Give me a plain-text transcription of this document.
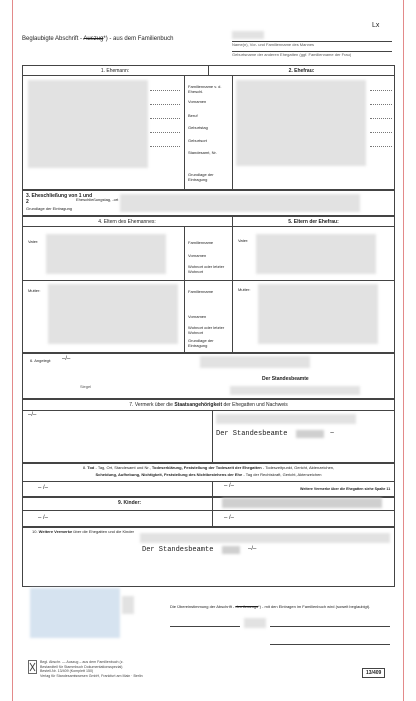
Lx
Beglaubigte Abschrift - Auszug*) - aus dem Familienbuch
Name(n), Vor- und Familienname des Mannes
Geburtsname der anderen Ehegatten (ggf. Familienname der Frau)
1. Ehemann:	2. Ehefrau:
Familienname v. d. Eheschl.
Vornamen
Beruf
Geburtstag
Geburtsort
Standesamt, Nr.
Grundlage der Eintragung
3. Eheschließung von 1 und 2
Grundlage der Eintragung
Eheschließungstag, -ort
4. Eltern des Ehemannes:	5. Eltern der Ehefrau:
Vater:	Vater:
Familienname
Vornamen
Wohnort oder letzter Wohnort
Mutter:	Mutter:
Familienname
Vornamen
Wohnort oder letzter Wohnort
Grundlage der Eintragung
6. Angelegt: –/–
Siegel
Der Standesbeamte
7. Vermerk über die Staatsangehörigkeit der Ehegatten und Nachweis
–/–
Der Standesbeamte	~
8. Tod - Tag, Ort, Standesamt und Nr., Todeserklärung, Feststellung der Todeszeit der Ehegatten - Todeszeitpunkt, Gericht, Aktenzeichen,
Scheidung, Aufhebung, Nichtigkeit, Feststellung des Nichtbestehens der Ehe - Tag der Rechtskraft, Gericht, Aktenzeichen
– /–	– /–	Weitere Vermerke über die Ehegatten siehe Spalte 11
9. Kinder:
– /–	– /–
10. Weitere Vermerke über die Ehegatten und die Kinder
Der Standesbeamte	–/–
Die Übereinstimmung der Abschrift - des Auszugs*) - mit den Eintragen im Familienbuch wird (soweit beglaubigt).
Begl. Abschr. — Auszug – aus dem Familienbuch (z.
Bestandteil für Stammbuch Dokumentationsspezial)
Bestell-Nr. 13/409 (Komplett 150)
Verlag für Standesamtswesen GmbH, Frankfurt am Main · Berlin	13/409
